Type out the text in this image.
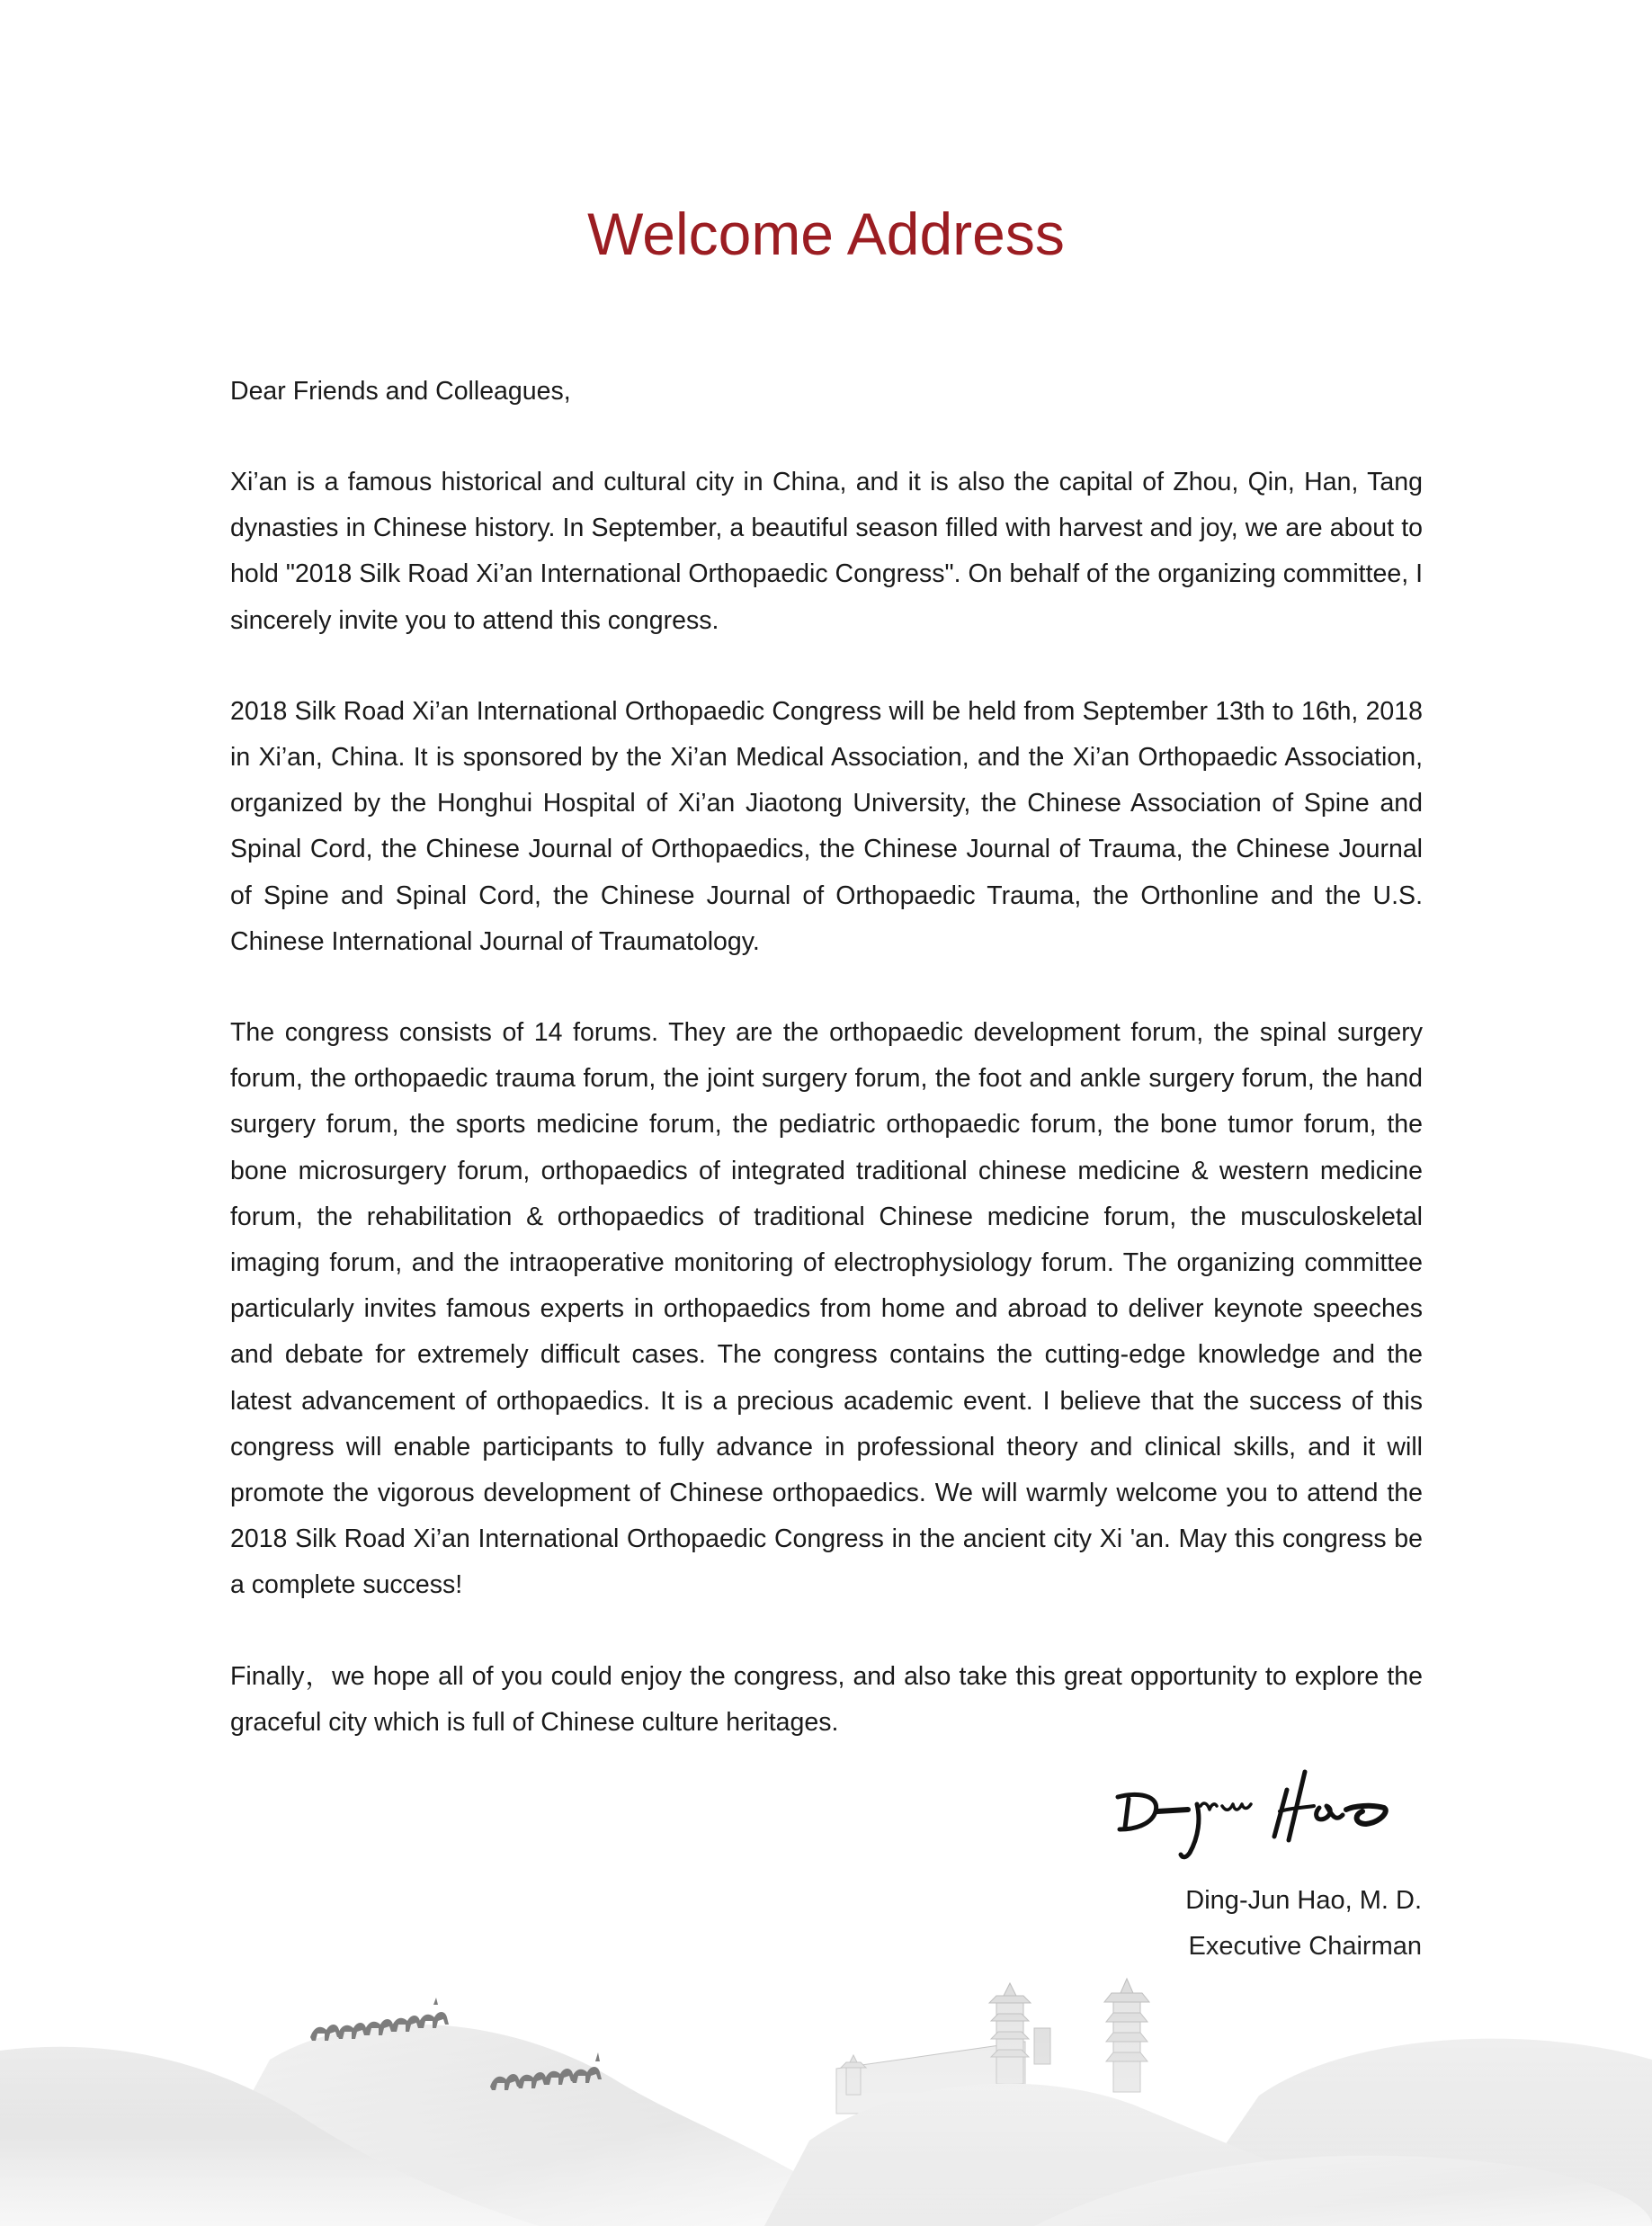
Welcome Address

Dear Friends and Colleagues,

Xi’an is a famous historical and cultural city in China, and it is also the capital of Zhou, Qin, Han, Tang dynasties in Chinese history. In September, a beautiful season filled with harvest and joy, we are about to hold "2018 Silk Road Xi’an International Orthopaedic Congress". On behalf of the organizing committee, I sincerely invite you to attend this congress.

2018 Silk Road Xi’an International Orthopaedic Congress will be held from September 13th to 16th, 2018 in Xi’an, China. It is sponsored by the Xi’an Medical Association, and the Xi’an Orthopaedic Association, organized by the Honghui Hospital of Xi’an Jiaotong University, the Chinese Association of Spine and Spinal Cord, the Chinese Journal of Orthopaedics, the Chinese Journal of Trauma, the Chinese Journal of Spine and Spinal Cord, the Chinese Journal of Orthopaedic Trauma, the Orthonline and the U.S. Chinese International Journal of Traumatology.

The congress consists of 14 forums. They are the orthopaedic development forum, the spinal surgery forum, the orthopaedic trauma forum, the joint surgery forum, the foot and ankle surgery forum, the hand surgery forum, the sports medicine forum, the pediatric orthopaedic forum, the bone tumor forum, the bone microsurgery forum, orthopaedics of integrated traditional chinese medicine & western medicine forum, the rehabilitation & orthopaedics of traditional Chinese medicine forum, the musculoskeletal imaging forum, and the intraoperative monitoring of electrophysiology forum. The organizing committee particularly invites famous experts in orthopaedics from home and abroad to deliver keynote speeches and debate for extremely difficult cases. The congress contains the cutting-edge knowledge and the latest advancement of orthopaedics. It is a precious academic event. I believe that the success of this congress will enable participants to fully advance in professional theory and clinical skills, and it will promote the vigorous development of Chinese orthopaedics. We will warmly welcome you to attend the 2018 Silk Road Xi’an International Orthopaedic Congress in the ancient city Xi 'an. May this congress be a complete success!

Finally，we hope all of you could enjoy the congress, and also take this great opportunity to explore the graceful city which is full of Chinese culture heritages.

Ding-Jun Hao, M. D.
